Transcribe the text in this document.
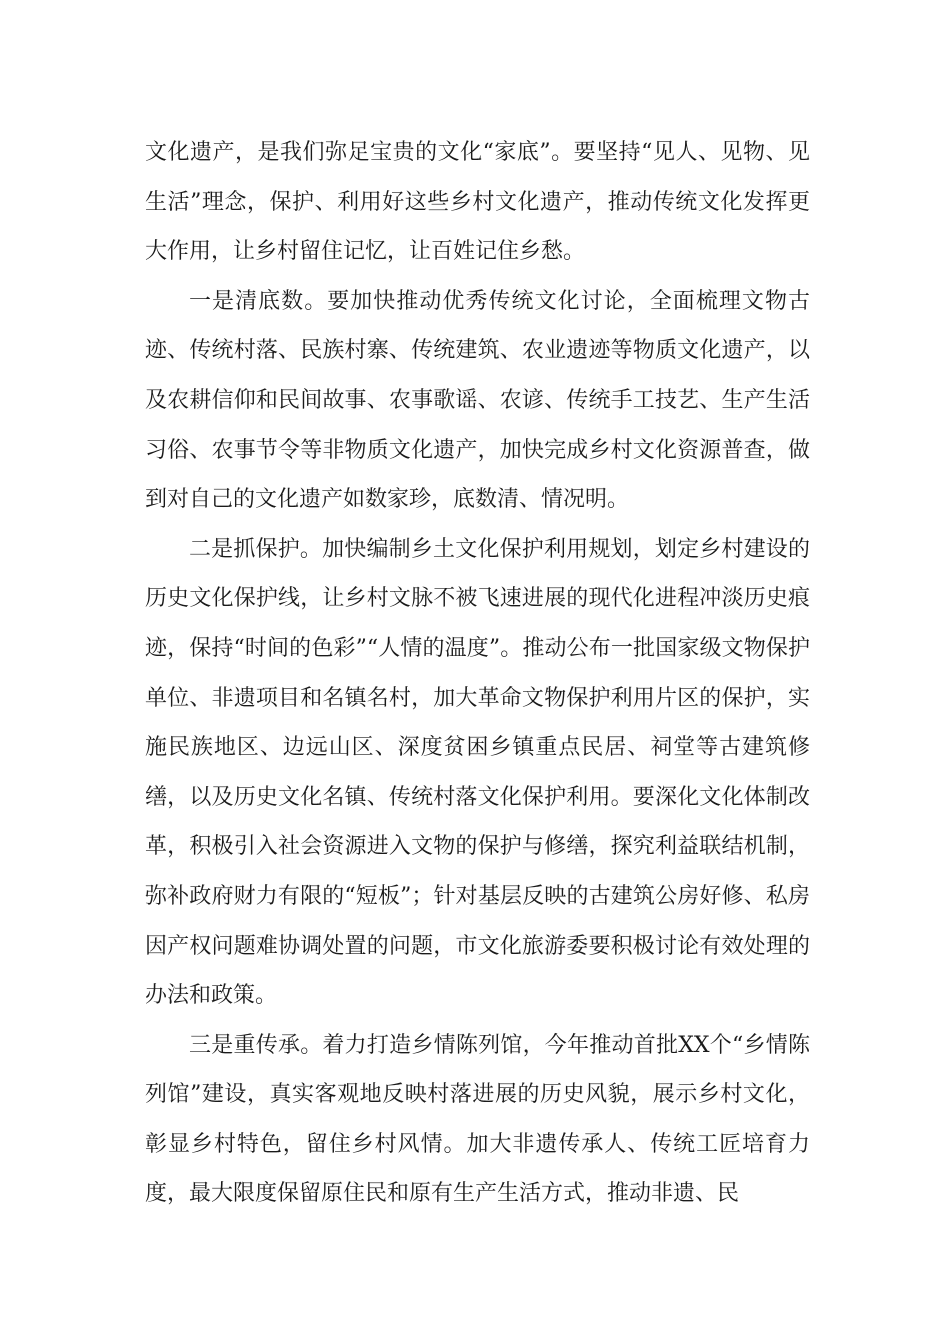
文化遗产，是我们弥足宝贵的文化“家底”。要坚持“见人、见物、见生活”理念，保护、利用好这些乡村文化遗产，推动传统文化发挥更大作用，让乡村留住记忆，让百姓记住乡愁。

一是清底数。要加快推动优秀传统文化讨论，全面梳理文物古迹、传统村落、民族村寨、传统建筑、农业遗迹等物质文化遗产，以及农耕信仰和民间故事、农事歌谣、农谚、传统手工技艺、生产生活习俗、农事节令等非物质文化遗产，加快完成乡村文化资源普查，做到对自己的文化遗产如数家珍，底数清、情况明。

二是抓保护。加快编制乡土文化保护利用规划，划定乡村建设的历史文化保护线，让乡村文脉不被飞速进展的现代化进程冲淡历史痕迹，保持“时间的色彩”“人情的温度”。推动公布一批国家级文物保护单位、非遗项目和名镇名村，加大革命文物保护利用片区的保护，实施民族地区、边远山区、深度贫困乡镇重点民居、祠堂等古建筑修缮，以及历史文化名镇、传统村落文化保护利用。要深化文化体制改革，积极引入社会资源进入文物的保护与修缮，探究利益联结机制，弥补政府财力有限的“短板”；针对基层反映的古建筑公房好修、私房因产权问题难协调处置的问题，市文化旅游委要积极讨论有效处理的办法和政策。

三是重传承。着力打造乡情陈列馆，今年推动首批XX个“乡情陈列馆”建设，真实客观地反映村落进展的历史风貌，展示乡村文化，彰显乡村特色，留住乡村风情。加大非遗传承人、传统工匠培育力度，最大限度保留原住民和原有生产生活方式，推动非遗、民
